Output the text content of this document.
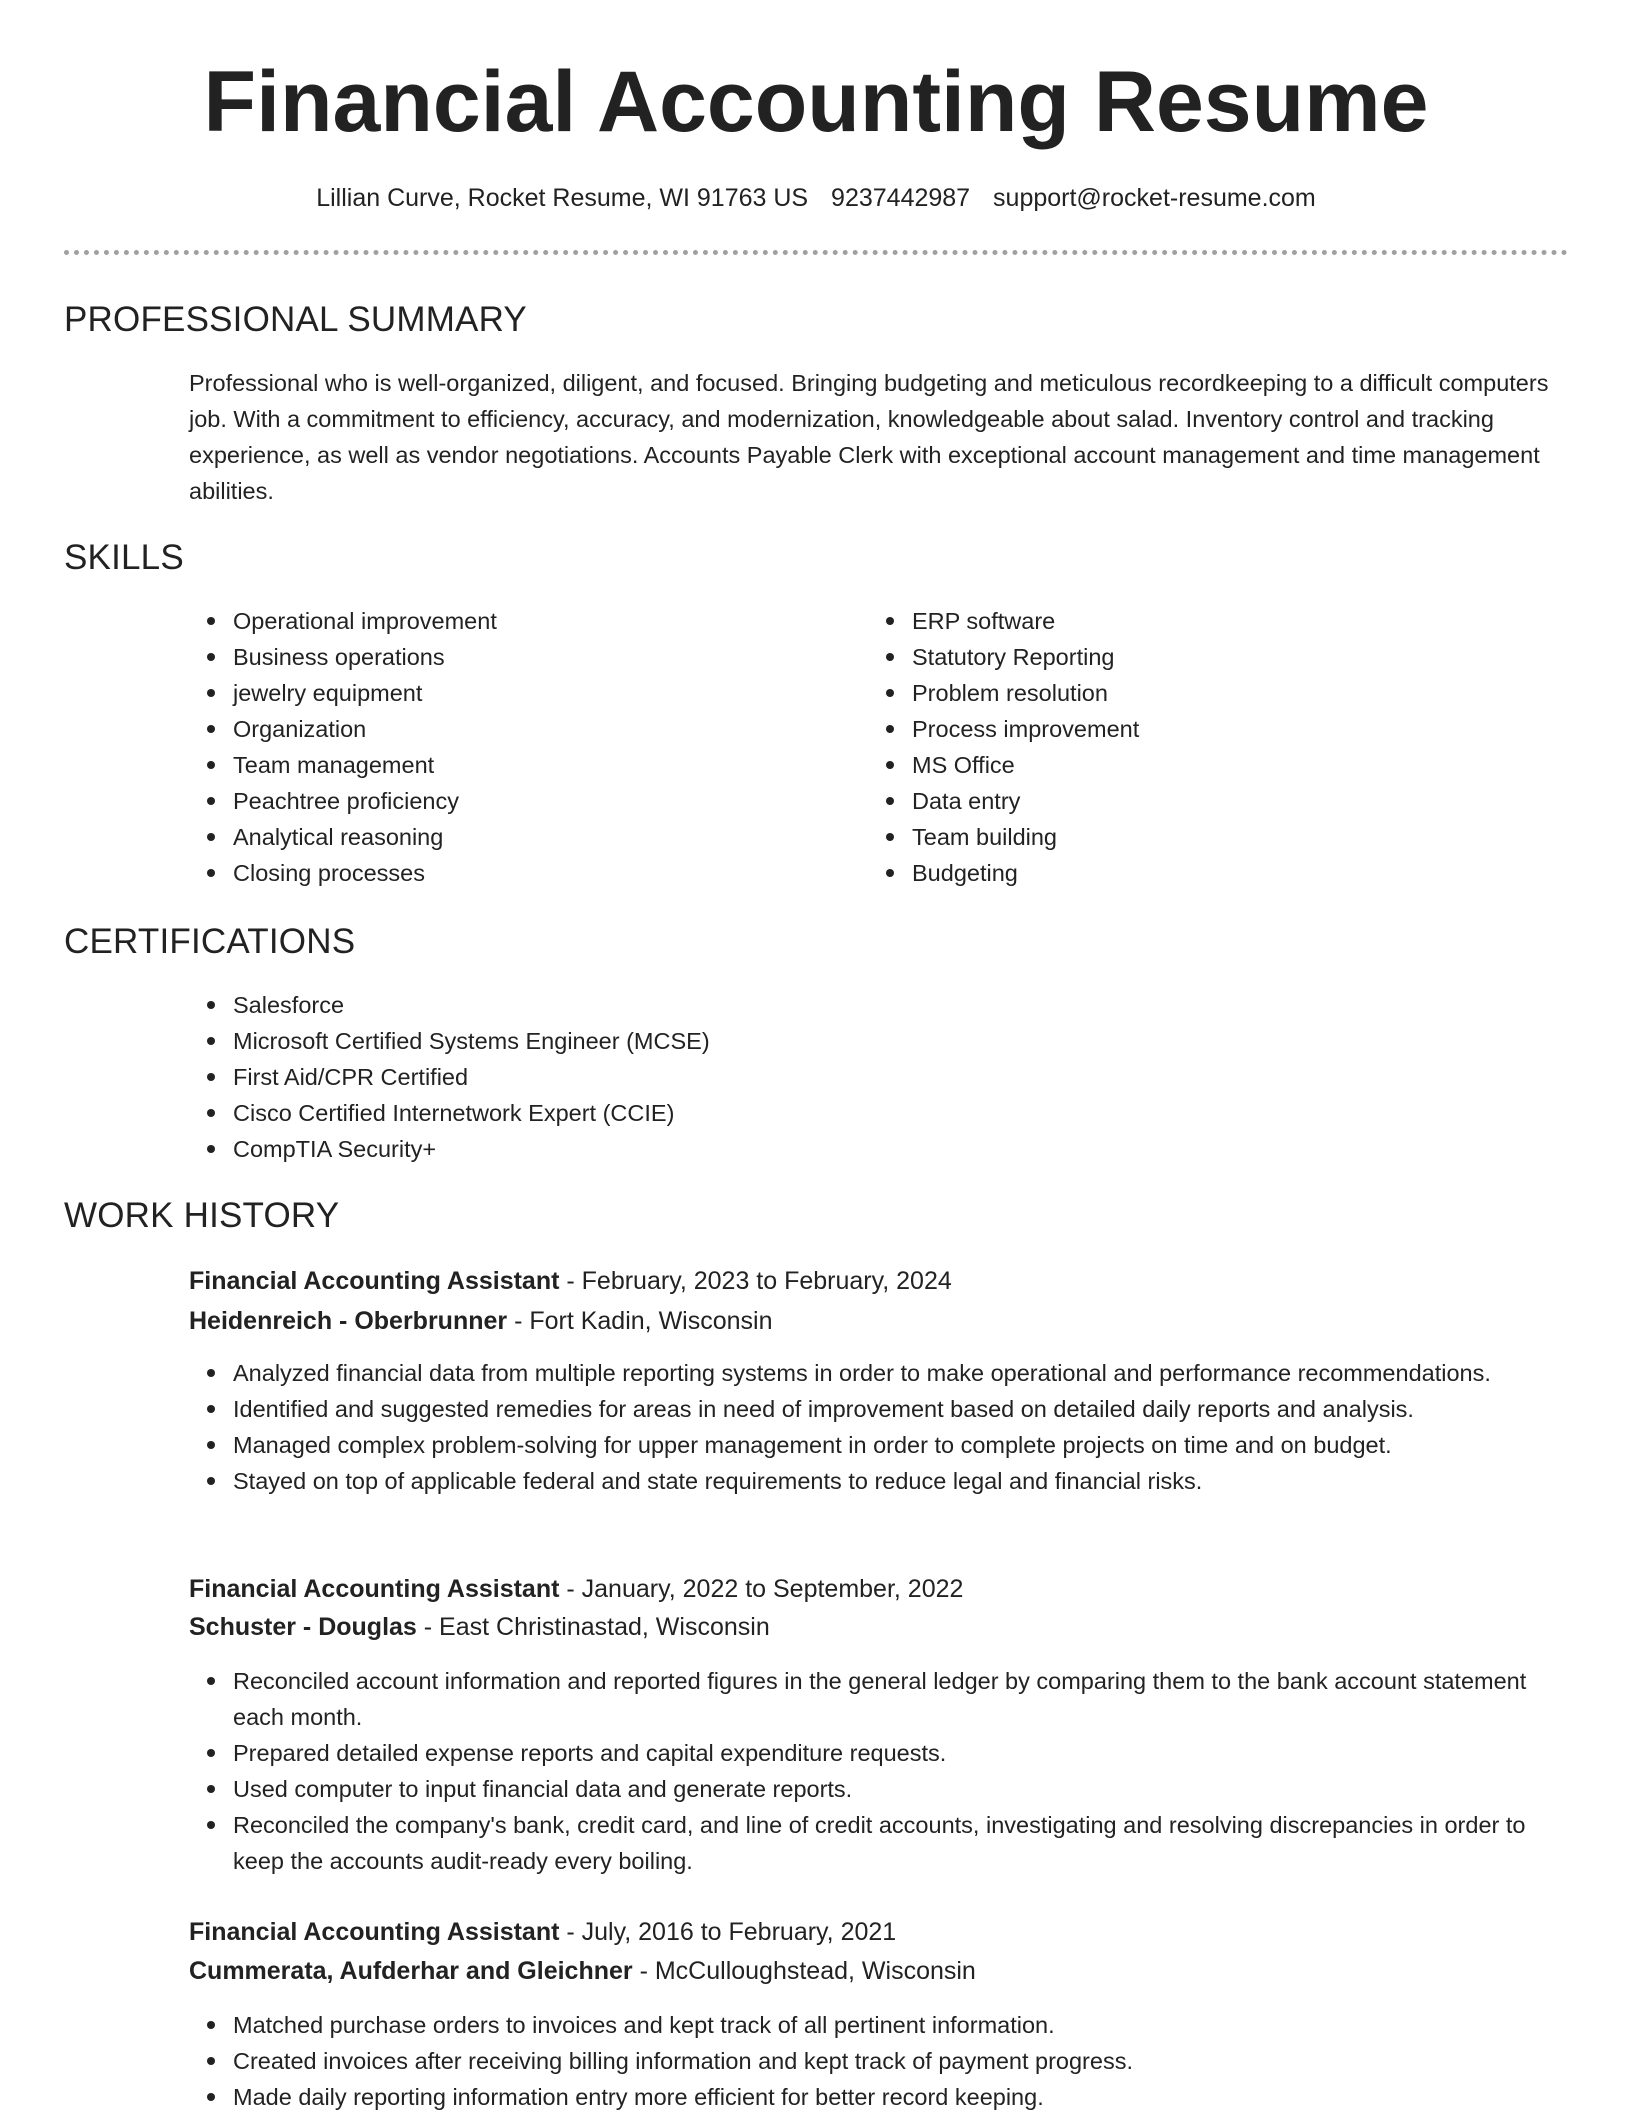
Financial Accounting Resume
Lillian Curve, Rocket Resume, WI 91763 US 9237442987 support@rocket-resume.com
PROFESSIONAL SUMMARY

Professional who is well-organized, diligent, and focused. Bringing budgeting and meticulous recordkeeping to a difficult computers job. With a commitment to efficiency, accuracy, and modernization, knowledgeable about salad. Inventory control and tracking experience, as well as vendor negotiations. Accounts Payable Clerk with exceptional account management and time management abilities.

SKILLS
Operational improvement
Business operations
jewelry equipment
Organization
Team management
Peachtree proficiency
Analytical reasoning
Closing processes
ERP software
Statutory Reporting
Problem resolution
Process improvement
MS Office
Data entry
Team building
Budgeting
CERTIFICATIONS
Salesforce
Microsoft Certified Systems Engineer (MCSE)
First Aid/CPR Certified
Cisco Certified Internetwork Expert (CCIE)
CompTIA Security+
WORK HISTORY
Financial Accounting Assistant - February, 2023 to February, 2024
Heidenreich - Oberbrunner - Fort Kadin, Wisconsin
Analyzed financial data from multiple reporting systems in order to make operational and performance recommendations.
Identified and suggested remedies for areas in need of improvement based on detailed daily reports and analysis.
Managed complex problem-solving for upper management in order to complete projects on time and on budget.
Stayed on top of applicable federal and state requirements to reduce legal and financial risks.
Financial Accounting Assistant - January, 2022 to September, 2022
Schuster - Douglas - East Christinastad, Wisconsin
Reconciled account information and reported figures in the general ledger by comparing them to the bank account statement each month.
Prepared detailed expense reports and capital expenditure requests.
Used computer to input financial data and generate reports.
Reconciled the company's bank, credit card, and line of credit accounts, investigating and resolving discrepancies in order to keep the accounts audit-ready every boiling.
Financial Accounting Assistant - July, 2016 to February, 2021
Cummerata, Aufderhar and Gleichner - McCulloughstead, Wisconsin
Matched purchase orders to invoices and kept track of all pertinent information.
Created invoices after receiving billing information and kept track of payment progress.
Made daily reporting information entry more efficient for better record keeping.
